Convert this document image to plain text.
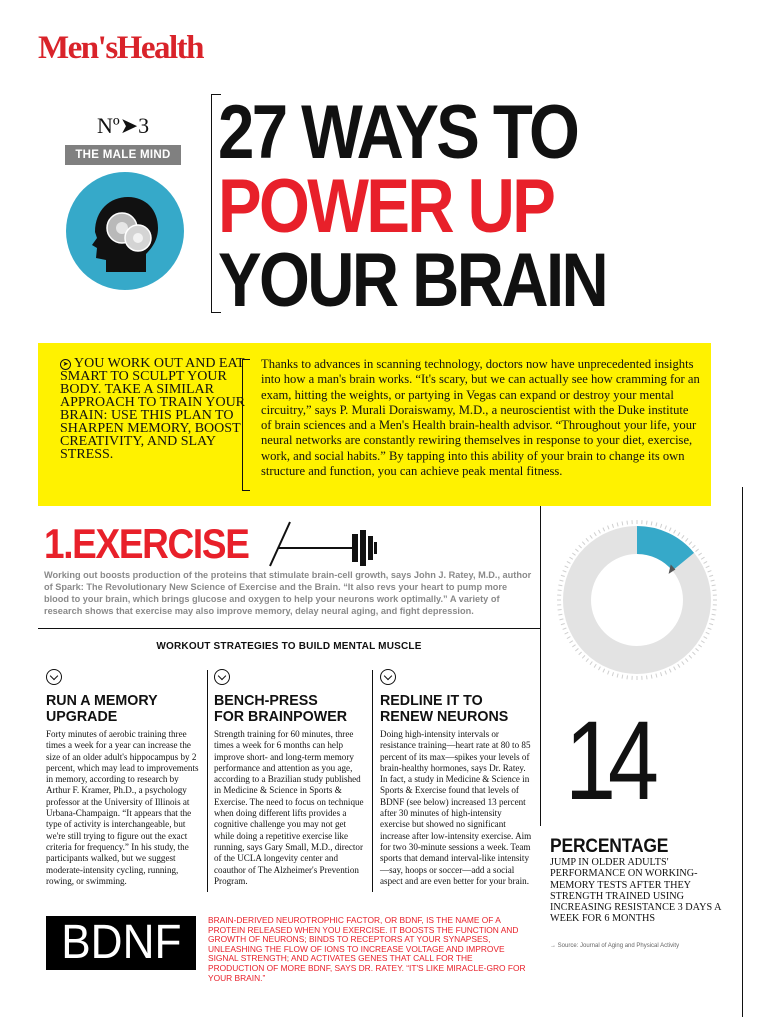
Men'sHealth
Nº➤3
THE MALE MIND 27 WAYS TO
POWER UP
YOUR BRAIN
➤ YOU WORK OUT AND EAT SMART TO SCULPT YOUR BODY. TAKE A SIMILAR APPROACH TO TRAIN YOUR BRAIN: USE THIS PLAN TO SHARPEN MEMORY, BOOST CREATIVITY, AND SLAY STRESS.
Thanks to advances in scanning technology, doctors now have unprecedented insights into how a man's brain works. “It's scary, but we can actually see how cramming for an exam, hitting the weights, or partying in Vegas can expand or destroy your mental circuitry,” says P. Murali Doraiswamy, M.D., a neuroscientist with the Duke institute of brain sciences and a Men's Health brain-health advisor. “Throughout your life, your neural networks are constantly rewiring themselves in response to your diet, exercise, work, and social habits.” By tapping into this ability of your brain to change its own structure and function, you can achieve peak mental fitness.
1.EXERCISE
Working out boosts production of the proteins that stimulate brain-cell growth, says John J. Ratey, M.D., author of Spark: The Revolutionary New Science of Exercise and the Brain. “It also revs your heart to pump more blood to your brain, which brings glucose and oxygen to help your neurons work optimally.” A variety of research shows that exercise may also improve memory, delay neural aging, and fight depression.
WORKOUT STRATEGIES TO BUILD MENTAL MUSCLE
RUN A MEMORY
UPGRADE

Forty minutes of aerobic training three times a week for a year can increase the size of an older adult's hippocampus by 2 percent, which may lead to improvements in memory, according to research by Arthur F. Kramer, Ph.D., a psychology professor at the University of Illinois at Urbana-Champaign. “It appears that the type of activity is interchangeable, but we're still trying to figure out the exact criteria for frequency.” In his study, the participants walked, but we suggest moderate-intensity cycling, running, rowing, or swimming.

BENCH-PRESS
FOR BRAINPOWER

Strength training for 60 minutes, three times a week for 6 months can help improve short- and long-term memory performance and attention as you age, according to a Brazilian study published in Medicine & Science in Sports & Exercise. The need to focus on technique when doing different lifts provides a cognitive challenge you may not get while doing a repetitive exercise like running, says Gary Small, M.D., director of the UCLA longevity center and coauthor of The Alzheimer's Prevention Program.

REDLINE IT TO
RENEW NEURONS

Doing high-intensity intervals or resistance training—heart rate at 80 to 85 percent of its max—spikes your levels of brain-healthy hormones, says Dr. Ratey. In fact, a study in Medicine & Science in Sports & Exercise found that levels of BDNF (see below) increased 13 percent after 30 minutes of high-intensity exercise but showed no significant increase after low-intensity exercise. Aim for two 30-minute sessions a week. Team sports that demand interval-like intensity—say, hoops or soccer—add a social aspect and are even better for your brain.

14
PERCENTAGE
JUMP IN OLDER ADULTS' PERFORMANCE ON WORKING-MEMORY TESTS AFTER THEY STRENGTH TRAINED USING INCREASING RESISTANCE 3 DAYS A WEEK FOR 6 MONTHS
→ Source: Journal of Aging and Physical Activity
BDNF	BRAIN-DERIVED NEUROTROPHIC FACTOR, OR BDNF, IS THE NAME OF A PROTEIN RELEASED WHEN YOU EXERCISE. IT BOOSTS THE FUNCTION AND GROWTH OF NEURONS; BINDS TO RECEPTORS AT YOUR SYNAPSES, UNLEASHING THE FLOW OF IONS TO INCREASE VOLTAGE AND IMPROVE SIGNAL STRENGTH; AND ACTIVATES GENES THAT CALL FOR THE PRODUCTION OF MORE BDNF, SAYS DR. RATEY. “IT'S LIKE MIRACLE-GRO FOR YOUR BRAIN.”
